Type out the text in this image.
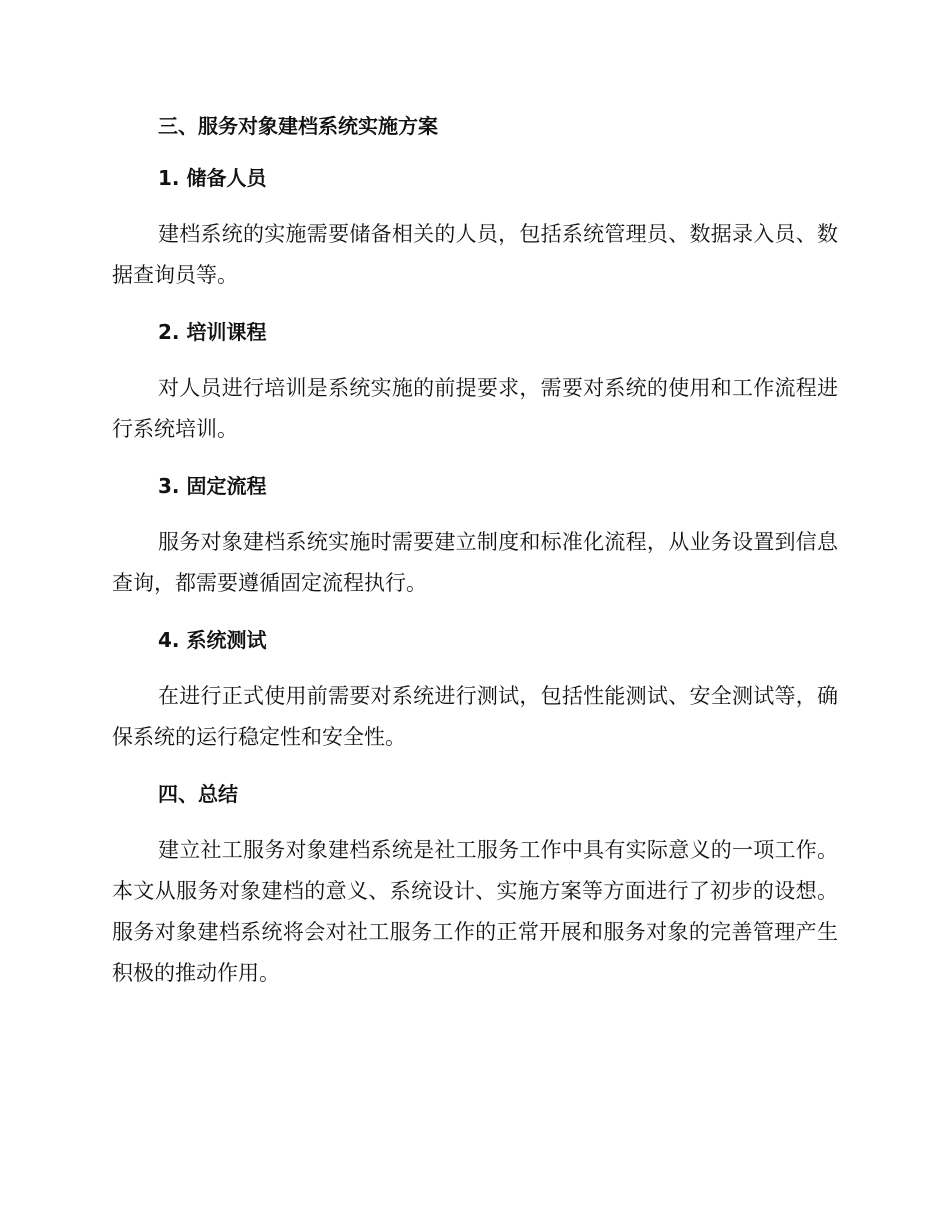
三、服务对象建档系统实施方案
1. 储备人员

建档系统的实施需要储备相关的人员，包括系统管理员、数据录入员、数据查询员等。

2. 培训课程

对人员进行培训是系统实施的前提要求，需要对系统的使用和工作流程进行系统培训。

3. 固定流程

服务对象建档系统实施时需要建立制度和标准化流程，从业务设置到信息查询，都需要遵循固定流程执行。

4. 系统测试

在进行正式使用前需要对系统进行测试，包括性能测试、安全测试等，确保系统的运行稳定性和安全性。

四、总结

建立社工服务对象建档系统是社工服务工作中具有实际意义的一项工作。本文从服务对象建档的意义、系统设计、实施方案等方面进行了初步的设想。服务对象建档系统将会对社工服务工作的正常开展和服务对象的完善管理产生积极的推动作用。
